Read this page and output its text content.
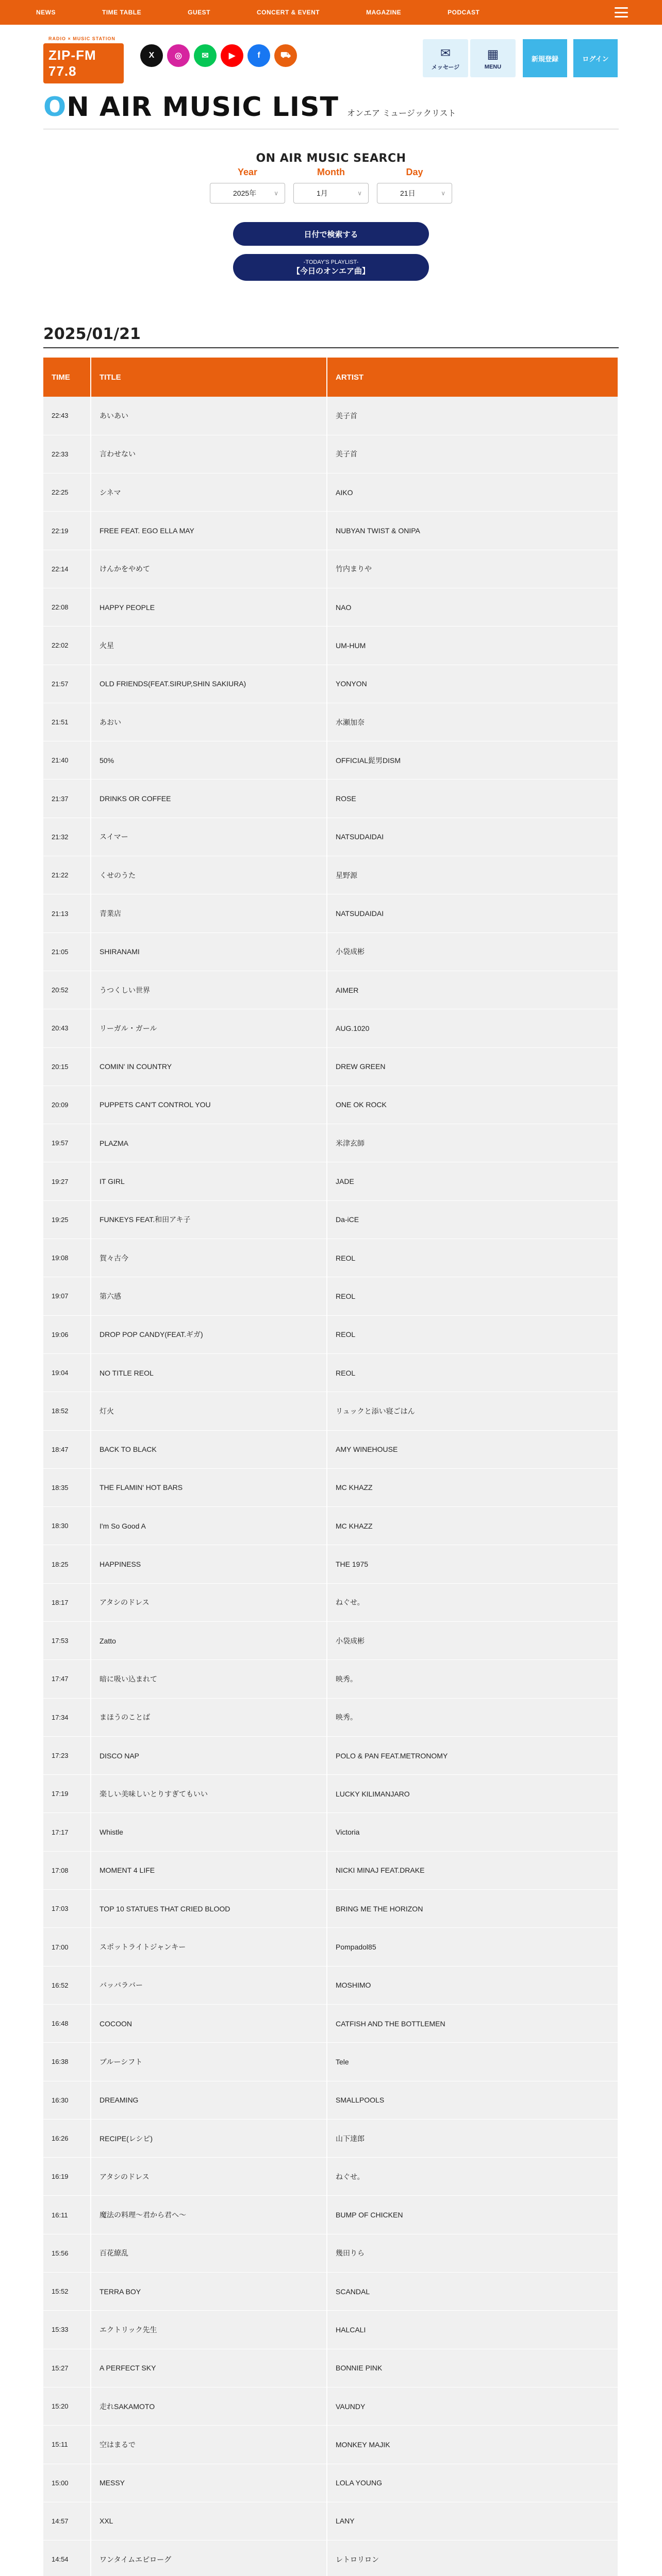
NEWS	TIME TABLE	GUEST	CONCERT & EVENT	MAGAZINE	PODCAST
RADIO × MUSIC STATION
ZIP-FM 77.8
X	◎	✉	▶	f	⛟	✉
メッセージ
▦
MENU
新規登録	ログイン
ON AIR MUSIC LIST オンエア ミュージックリスト
ON AIR MUSIC SEARCH
Year
2025年	∨
Month
1月	∨
Day
21日	∨
日付で検索する
-TODAY'S PLAYLIST-
【今日のオンエア曲】
2025/01/21
TIME	TITLE	ARTIST
22:43	あいあい	美子首
22:33	言わせない	美子首
22:25	シネマ	AIKO
22:19	FREE FEAT. EGO ELLA MAY	NUBYAN TWIST & ONIPA
22:14	けんかをやめて	竹内まりや
22:08	HAPPY PEOPLE	NAO
22:02	火星	UM-HUM
21:57	OLD FRIENDS(FEAT.SIRUP,SHIN SAKIURA)	YONYON
21:51	あおい	水瀬加奈
21:40	50%	OFFICIAL髭男DISM
21:37	DRINKS OR COFFEE	ROSE
21:32	スイマー	NATSUDAIDAI
21:22	くせのうた	星野源
21:13	青業店	NATSUDAIDAI
21:05	SHIRANAMI	小袋成彬
20:52	うつくしい世界	AIMER
20:43	リーガル・ガール	AUG.1020
20:15	COMIN' IN COUNTRY	DREW GREEN
20:09	PUPPETS CAN'T CONTROL YOU	ONE OK ROCK
19:57	PLAZMA	米津玄師
19:27	IT GIRL	JADE
19:25	FUNKEYS FEAT.和田アキ子	Da-iCE
19:08	賀々古今	REOL
19:07	第六感	REOL
19:06	DROP POP CANDY(FEAT.ギガ)	REOL
19:04	NO TITLE REOL	REOL
18:52	灯火	リュックと添い寝ごはん
18:47	BACK TO BLACK	AMY WINEHOUSE
18:35	THE FLAMIN' HOT BARS	MC KHAZZ
18:30	I'm So Good A	MC KHAZZ
18:25	HAPPINESS	THE 1975
18:17	アタシのドレス	ねぐせ。
17:53	Zatto	小袋成彬
17:47	暗に吸い込まれて	映秀。
17:34	まほうのことば	映秀。
17:23	DISCO NAP	POLO & PAN FEAT.METRONOMY
17:19	楽しい美味しいとりすぎてもいい	LUCKY KILIMANJARO
17:17	Whistle	Victoria
17:08	MOMENT 4 LIFE	NICKI MINAJ FEAT.DRAKE
17:03	TOP 10 STATUES THAT CRIED BLOOD	BRING ME THE HORIZON
17:00	スポットライトジャンキー	Pompadol85
16:52	バッバラバー	MOSHIMO
16:48	COCOON	CATFISH AND THE BOTTLEMEN
16:38	ブルーシフト	Tele
16:30	DREAMING	SMALLPOOLS
16:26	RECIPE(レシピ)	山下達郎
16:19	アタシのドレス	ねぐせ。
16:11	魔法の料理〜君から君へ〜	BUMP OF CHICKEN
15:56	百花繚乱	幾田りら
15:52	TERRA BOY	SCANDAL
15:33	エクトリック先生	HALCALI
15:27	A PERFECT SKY	BONNIE PINK
15:20	走れSAKAMOTO	VAUNDY
15:11	空はまるで	MONKEY MAJIK
15:00	MESSY	LOLA YOUNG
14:57	XXL	LANY
14:54	ワンタイムエピローグ	レトロリロン
